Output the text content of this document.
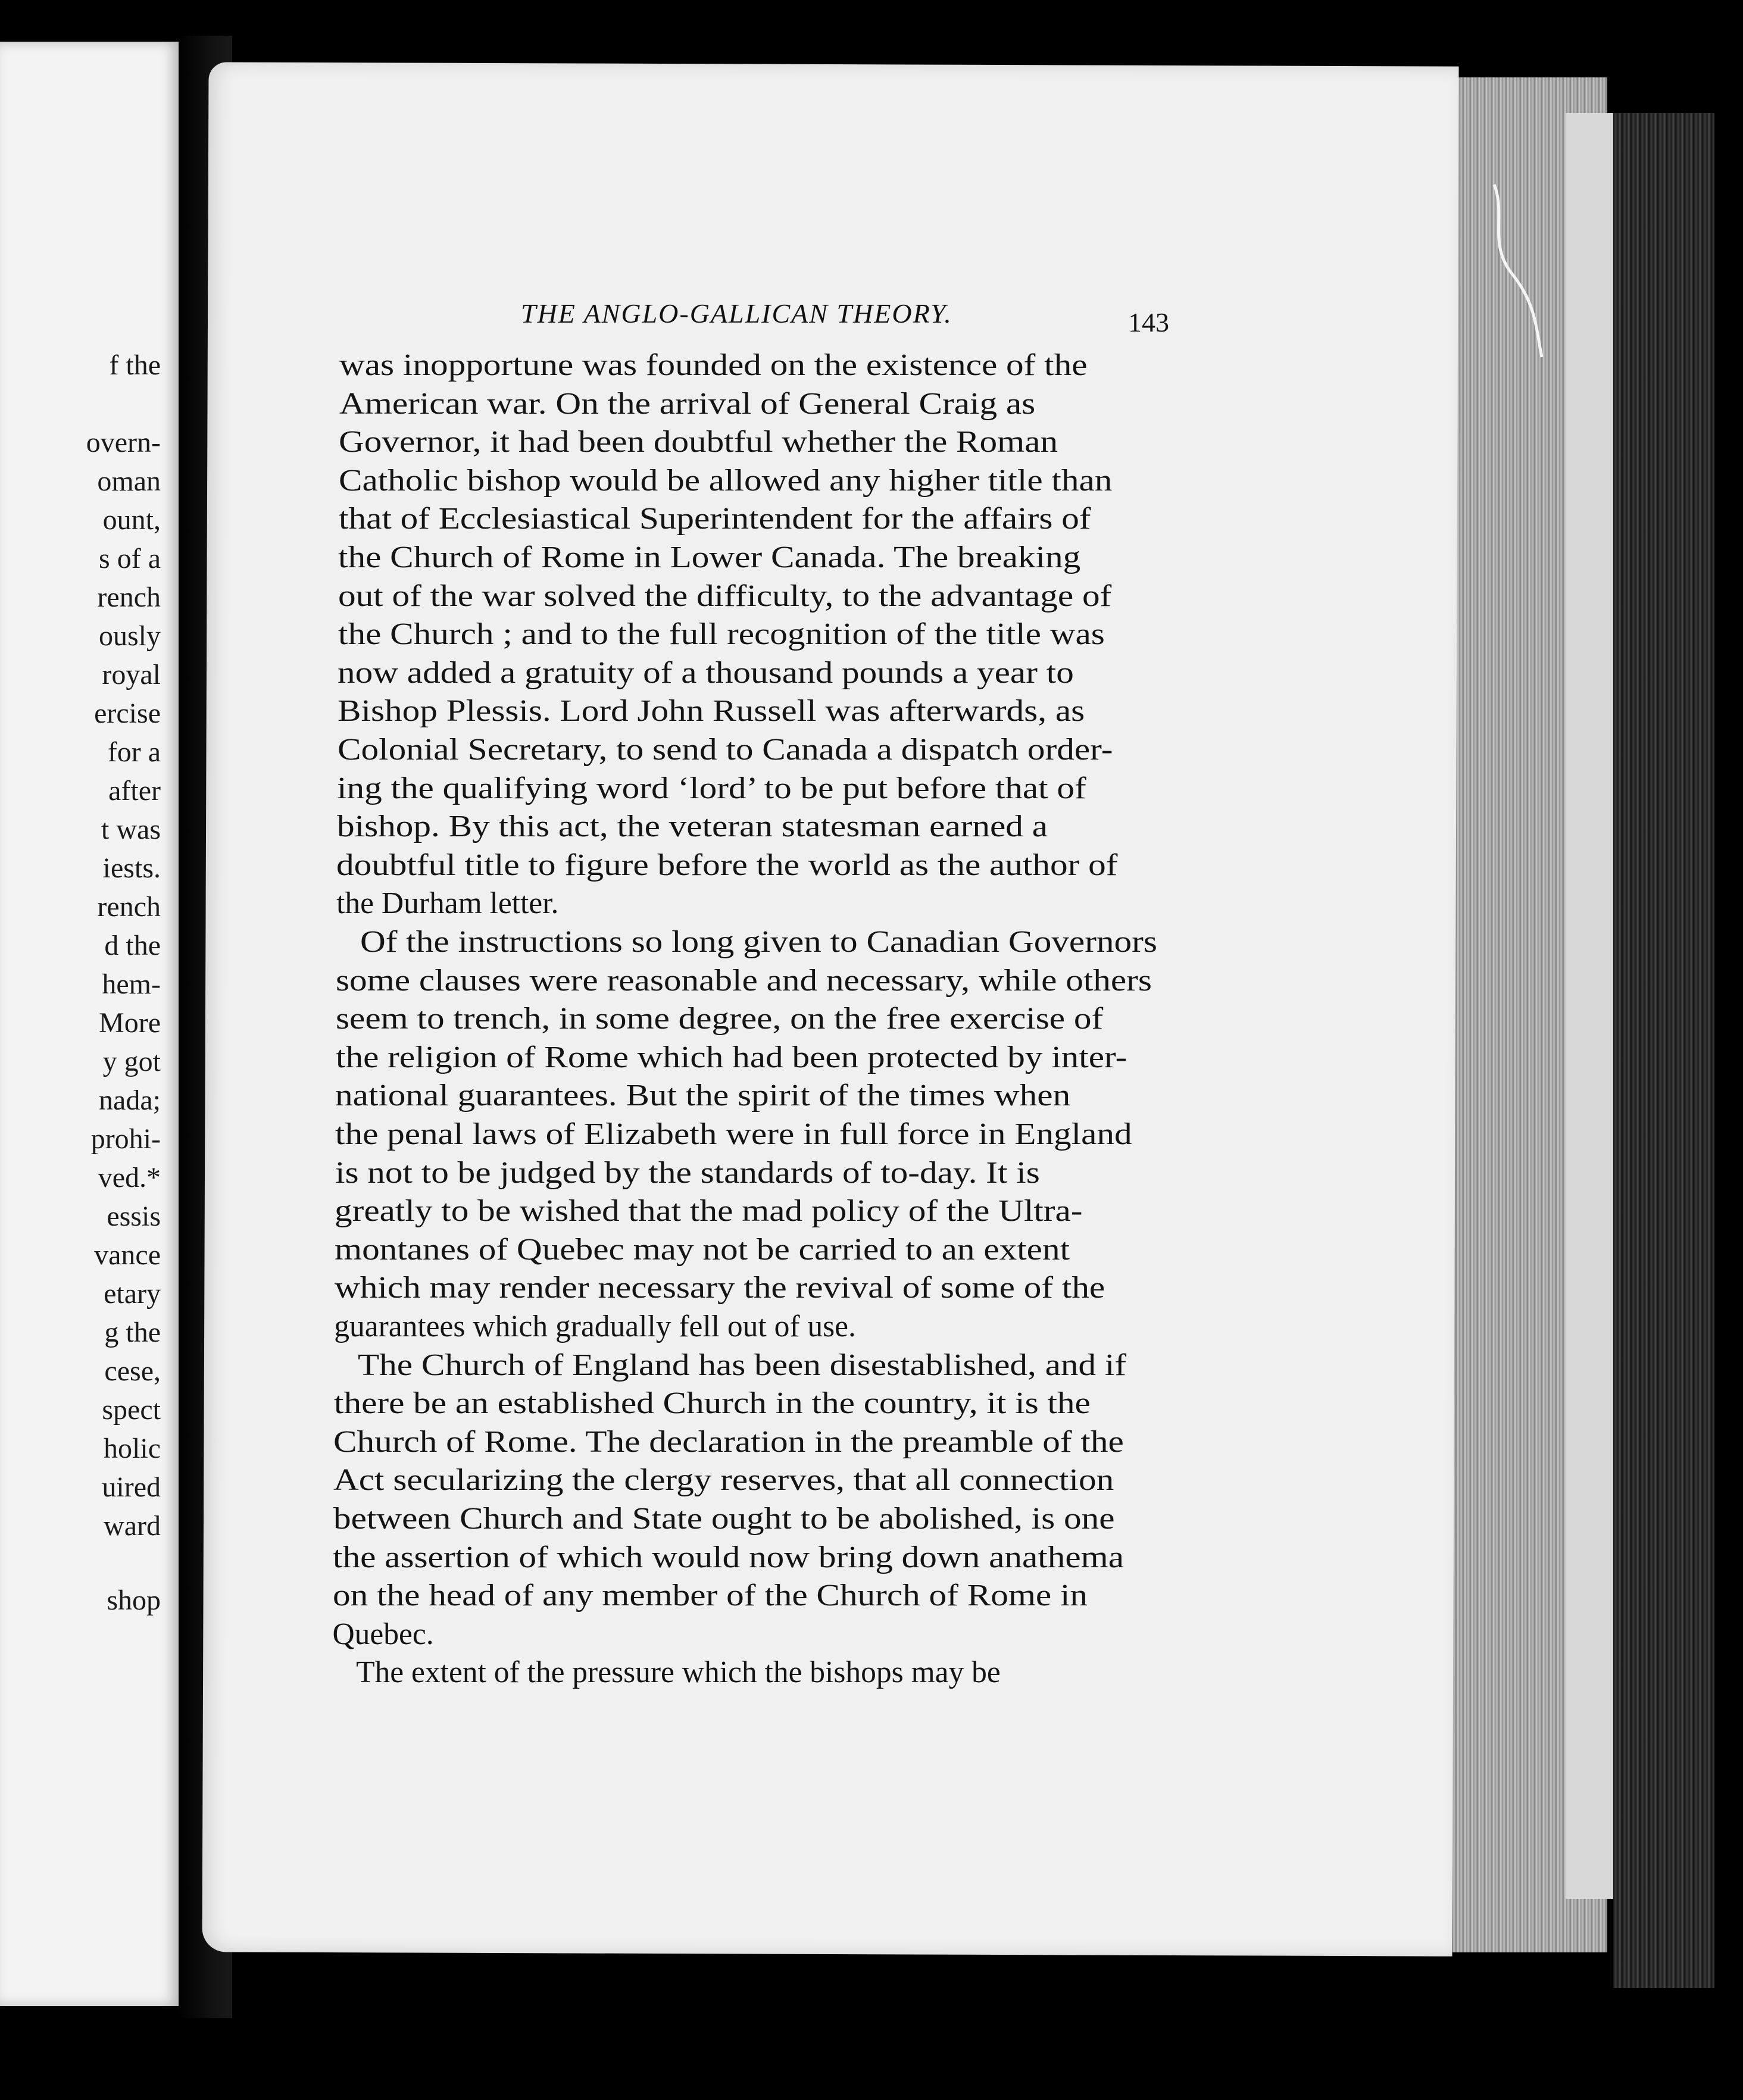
f the
overn-
oman
ount,
s of a
rench
ously
royal
ercise
for a
after
t was
iests.
rench
d the
hem-
More
y got
nada;
prohi-
ved.*
essis
vance
etary
g the
cese,
spect
holic
uired
ward
shop
THE ANGLO-GALLICAN THEORY.	143
was inopportune was founded on the existence of the
American war. On the arrival of General Craig as
Governor, it had been doubtful whether the Roman
Catholic bishop would be allowed any higher title than
that of Ecclesiastical Superintendent for the affairs of
the Church of Rome in Lower Canada. The breaking
out of the war solved the difficulty, to the advantage of
the Church ; and to the full recognition of the title was
now added a gratuity of a thousand pounds a year to
Bishop Plessis. Lord John Russell was afterwards, as
Colonial Secretary, to send to Canada a dispatch order-
ing the qualifying word ‘lord’ to be put before that of
bishop. By this act, the veteran statesman earned a
doubtful title to figure before the world as the author of
the Durham letter.
Of the instructions so long given to Canadian Governors
some clauses were reasonable and necessary, while others
seem to trench, in some degree, on the free exercise of
the religion of Rome which had been protected by inter-
national guarantees. But the spirit of the times when
the penal laws of Elizabeth were in full force in England
is not to be judged by the standards of to-day. It is
greatly to be wished that the mad policy of the Ultra-
montanes of Quebec may not be carried to an extent
which may render necessary the revival of some of the
guarantees which gradually fell out of use.
The Church of England has been disestablished, and if
there be an established Church in the country, it is the
Church of Rome. The declaration in the preamble of the
Act secularizing the clergy reserves, that all connection
between Church and State ought to be abolished, is one
the assertion of which would now bring down anathema
on the head of any member of the Church of Rome in
Quebec.
The extent of the pressure which the bishops may be
